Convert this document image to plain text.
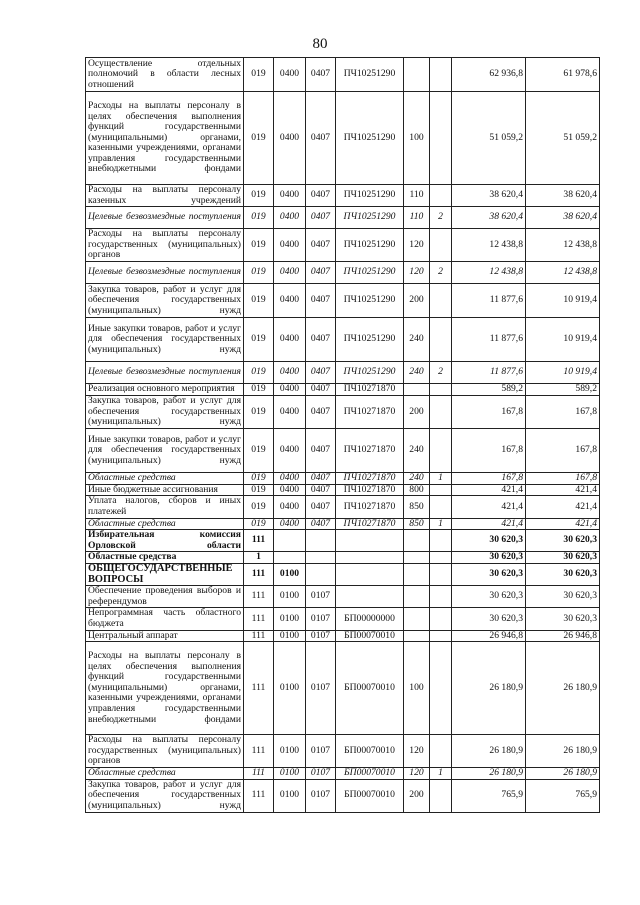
80
Осуществление отдельных полномочий в области лесных отношений	019	0400	0407	ПЧ10251290			62 936,8	61 978,6
Расходы на выплаты персоналу в целях обеспечения выполнения функций государственными (муниципальными) органами, казенными учреждениями, органами управления государственными внебюджетными фондами	019	0400	0407	ПЧ10251290	100		51 059,2	51 059,2
Расходы на выплаты персоналу казенных учреждений	019	0400	0407	ПЧ10251290	110		38 620,4	38 620,4
Целевые безвозмездные поступления	019	0400	0407	ПЧ10251290	110	2	38 620,4	38 620,4
Расходы на выплаты персоналу государственных (муниципальных) органов	019	0400	0407	ПЧ10251290	120		12 438,8	12 438,8
Целевые безвозмездные поступления	019	0400	0407	ПЧ10251290	120	2	12 438,8	12 438,8
Закупка товаров, работ и услуг для обеспечения государственных (муниципальных) нужд	019	0400	0407	ПЧ10251290	200		11 877,6	10 919,4
Иные закупки товаров, работ и услуг для обеспечения государственных (муниципальных) нужд	019	0400	0407	ПЧ10251290	240		11 877,6	10 919,4
Целевые безвозмездные поступления	019	0400	0407	ПЧ10251290	240	2	11 877,6	10 919,4
Реализация основного мероприятия	019	0400	0407	ПЧ10271870			589,2	589,2
Закупка товаров, работ и услуг для обеспечения государственных (муниципальных) нужд	019	0400	0407	ПЧ10271870	200		167,8	167,8
Иные закупки товаров, работ и услуг для обеспечения государственных (муниципальных) нужд	019	0400	0407	ПЧ10271870	240		167,8	167,8
Областные средства	019	0400	0407	ПЧ10271870	240	1	167,8	167,8
Иные бюджетные ассигнования	019	0400	0407	ПЧ10271870	800		421,4	421,4
Уплата налогов, сборов и иных платежей	019	0400	0407	ПЧ10271870	850		421,4	421,4
Областные средства	019	0400	0407	ПЧ10271870	850	1	421,4	421,4
Избирательная комиссия Орловской области	111						30 620,3	30 620,3
Областные средства	1						30 620,3	30 620,3
ОБЩЕГОСУДАРСТВЕННЫЕ ВОПРОСЫ	111	0100					30 620,3	30 620,3
Обеспечение проведения выборов и референдумов	111	0100	0107				30 620,3	30 620,3
Непрограммная часть областного бюджета	111	0100	0107	БП00000000			30 620,3	30 620,3
Центральный аппарат	111	0100	0107	БП00070010			26 946,8	26 946,8
Расходы на выплаты персоналу в целях обеспечения выполнения функций государственными (муниципальными) органами, казенными учреждениями, органами управления государственными внебюджетными фондами	111	0100	0107	БП00070010	100		26 180,9	26 180,9
Расходы на выплаты персоналу государственных (муниципальных) органов	111	0100	0107	БП00070010	120		26 180,9	26 180,9
Областные средства	111	0100	0107	БП00070010	120	1	26 180,9	26 180,9
Закупка товаров, работ и услуг для обеспечения государственных (муниципальных) нужд	111	0100	0107	БП00070010	200		765,9	765,9
